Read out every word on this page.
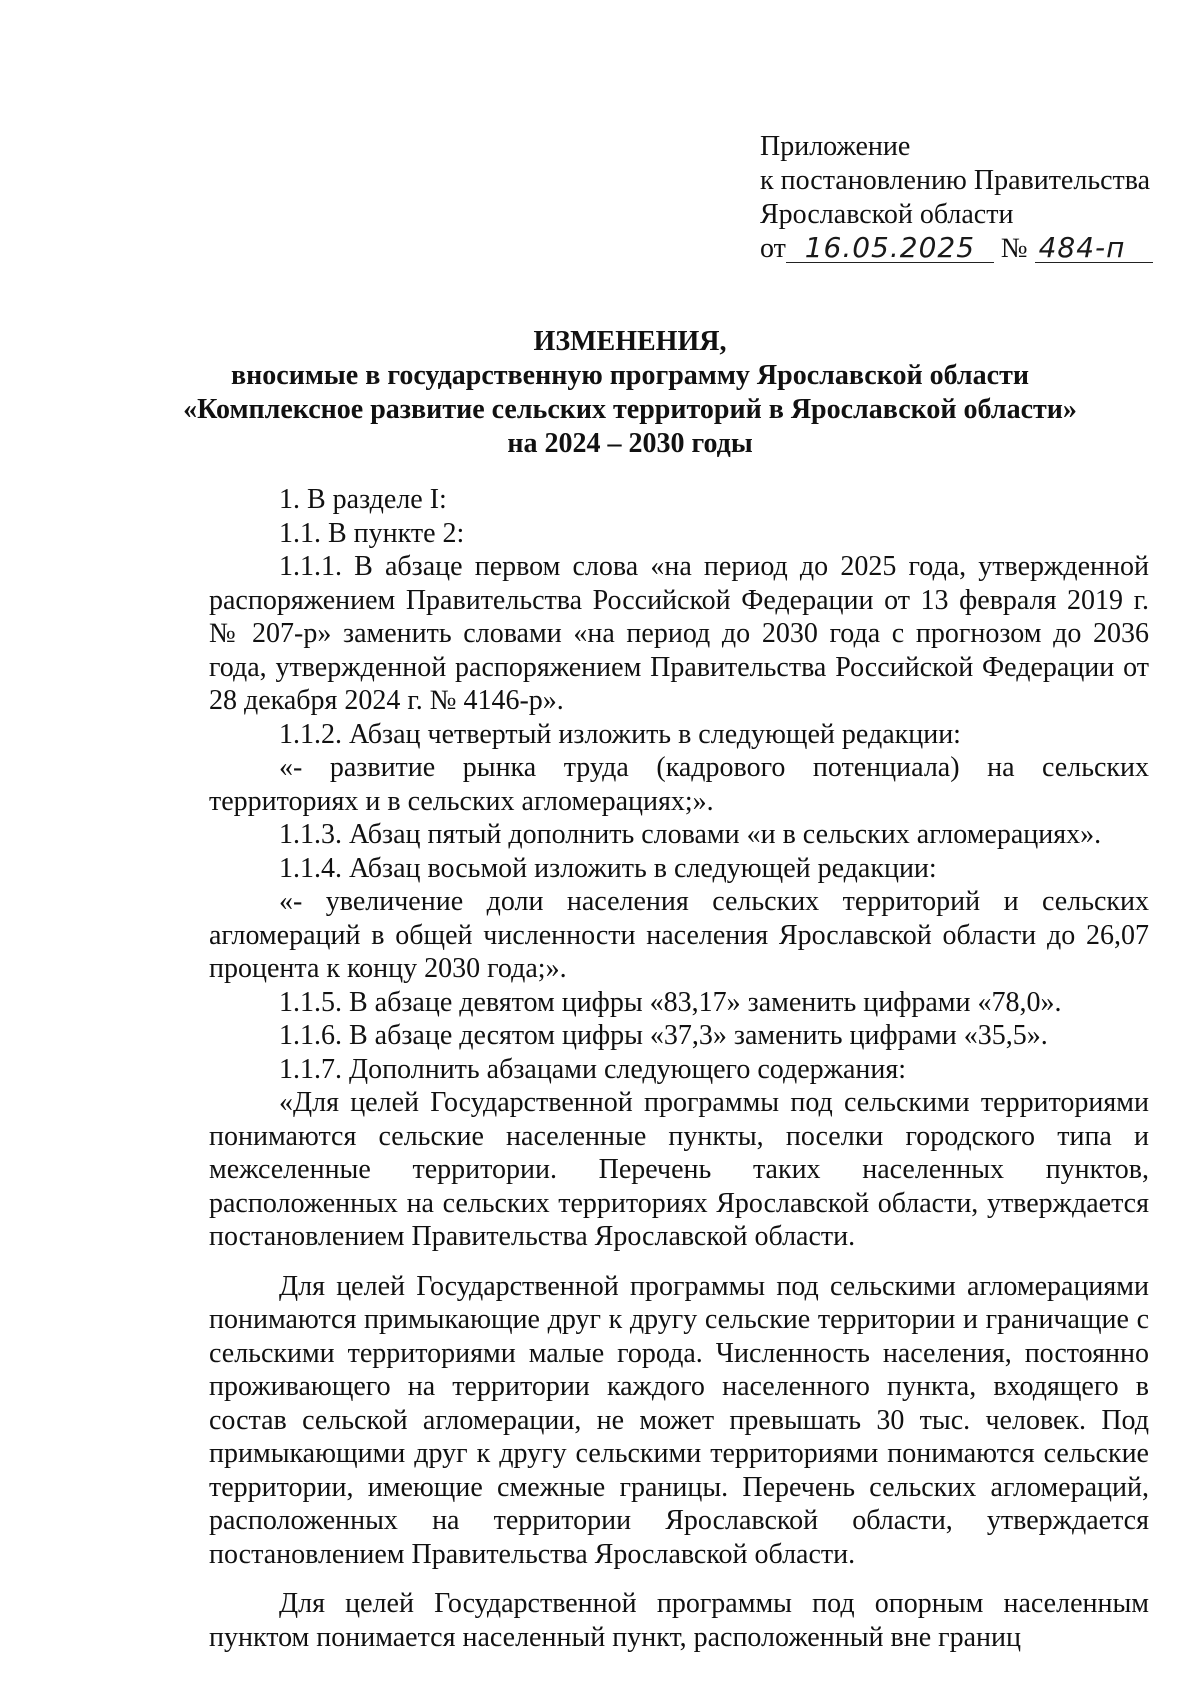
Приложение
к постановлению Правительства
Ярославской области
от 16.05.2025 № 484-п
ИЗМЕНЕНИЯ,
вносимые в государственную программу Ярославской области
«Комплексное развитие сельских территорий в Ярославской области»
на 2024 – 2030 годы

1. В разделе I:

1.1. В пункте 2:

1.1.1. В абзаце первом слова «на период до 2025 года, утвержденной распоряжением Правительства Российской Федерации от 13 февраля 2019 г. № 207-р» заменить словами «на период до 2030 года с прогнозом до 2036 года, утвержденной распоряжением Правительства Российской Федерации от 28 декабря 2024 г. № 4146-р».

1.1.2. Абзац четвертый изложить в следующей редакции:

«- развитие рынка труда (кадрового потенциала) на сельских территориях и в сельских агломерациях;».

1.1.3. Абзац пятый дополнить словами «и в сельских агломерациях».

1.1.4. Абзац восьмой изложить в следующей редакции:

«- увеличение доли населения сельских территорий и сельских агломераций в общей численности населения Ярославской области до 26,07 процента к концу 2030 года;».

1.1.5. В абзаце девятом цифры «83,17» заменить цифрами «78,0».

1.1.6. В абзаце десятом цифры «37,3» заменить цифрами «35,5».

1.1.7. Дополнить абзацами следующего содержания:

«Для целей Государственной программы под сельскими территориями понимаются сельские населенные пункты, поселки городского типа и межселенные территории. Перечень таких населенных пунктов, расположенных на сельских территориях Ярославской области, утверждается постановлением Правительства Ярославской области.

Для целей Государственной программы под сельскими агломерациями понимаются примыкающие друг к другу сельские территории и граничащие с сельскими территориями малые города. Численность населения, постоянно проживающего на территории каждого населенного пункта, входящего в состав сельской агломерации, не может превышать 30 тыс. человек. Под примыкающими друг к другу сельскими территориями понимаются сельские территории, имеющие смежные границы. Перечень сельских агломераций, расположенных на территории Ярославской области, утверждается постановлением Правительства Ярославской области.

Для целей Государственной программы под опорным населенным пунктом понимается населенный пункт, расположенный вне границ
